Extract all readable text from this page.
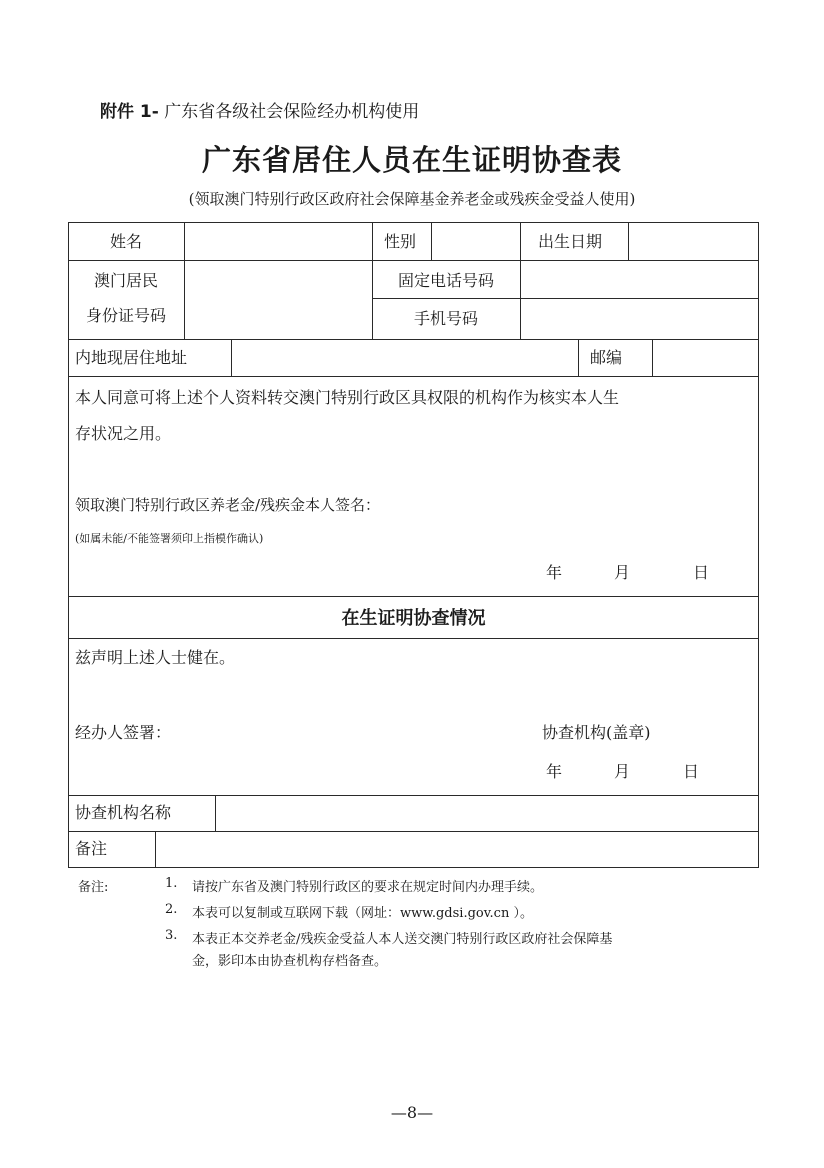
附件 1- 广东省各级社会保险经办机构使用
广东省居住人员在生证明协查表
(领取澳门特别行政区政府社会保障基金养老金或残疾金受益人使用)
姓名	性别	出生日期
澳门居民
身份证号码
固定电话号码
手机号码
内地现居住地址	邮编
本人同意可将上述个人资料转交澳门特别行政区具权限的机构作为核实本人生
存状况之用。
领取澳门特别行政区养老金/残疾金本人签名：
(如属未能/不能签署须印上指模作确认)
年	月	日
在生证明协查情况
兹声明上述人士健在。
经办人签署：	协查机构(盖章)
年	月	日
协查机构名称
备注
备注:	1. 请按广东省及澳门特别行政区的要求在规定时间内办理手续。
2. 本表可以复制或互联网下载（网址：www.gdsi.gov.cn ）。
3. 本表正本交养老金/残疾金受益人本人送交澳门特别行政区政府社会保障基
金，影印本由协查机构存档备查。
—8—
